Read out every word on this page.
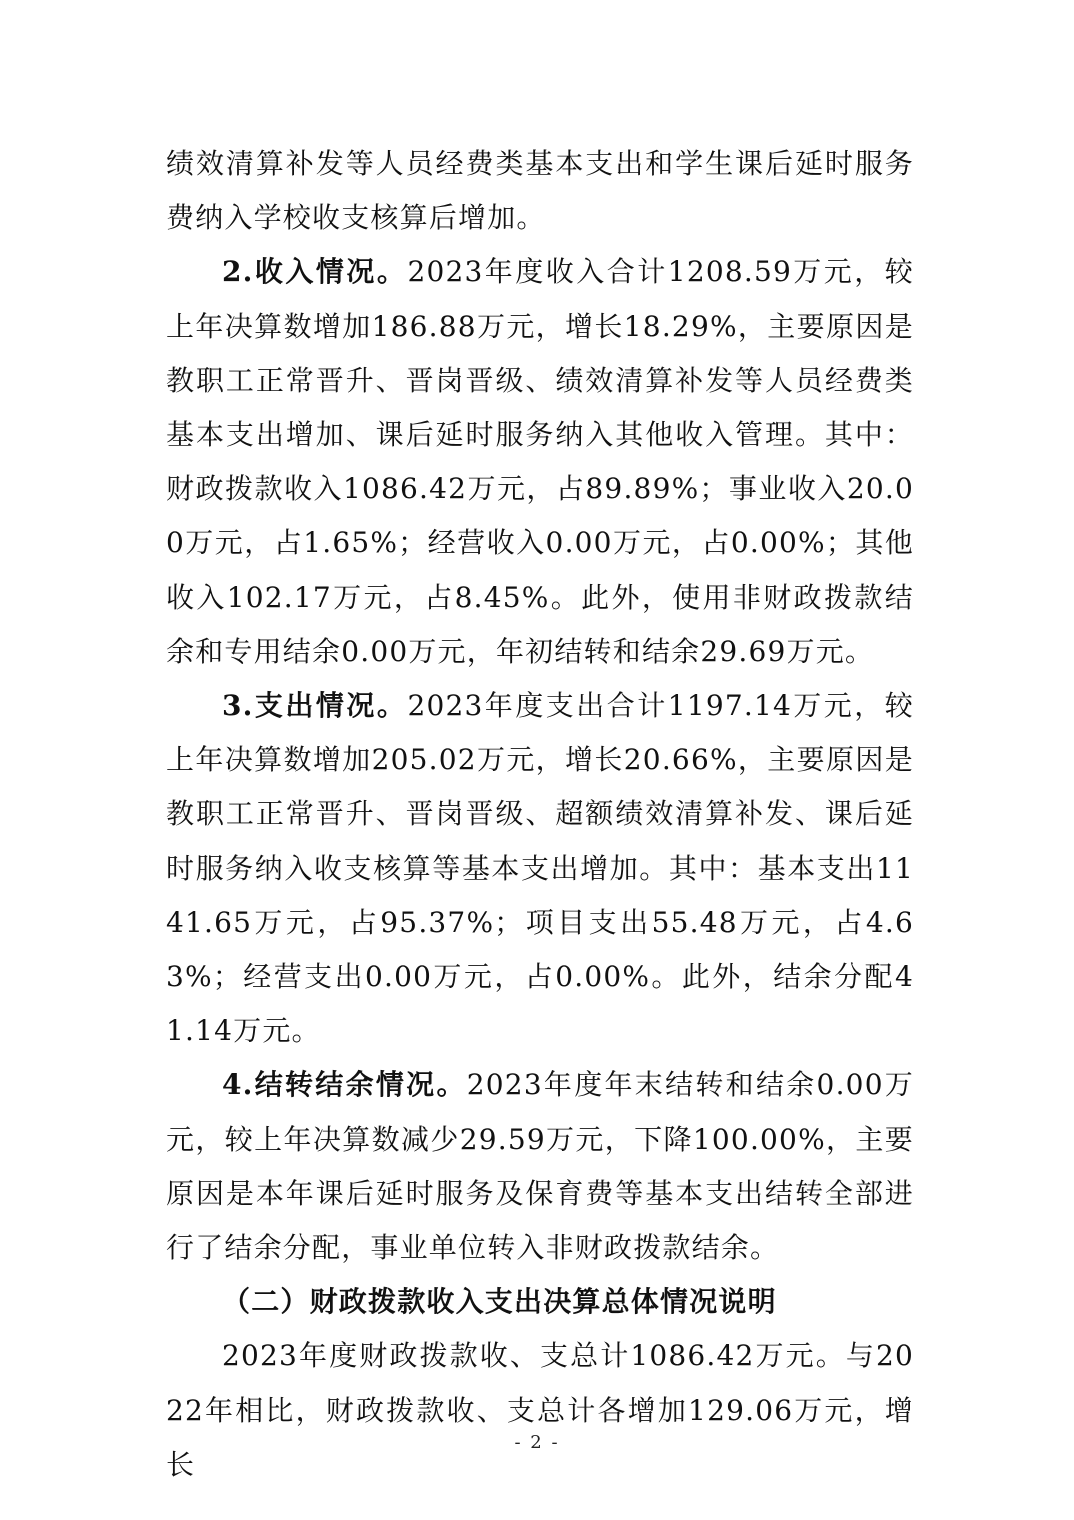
绩效清算补发等人员经费类基本支出和学生课后延时服务费纳入学校收支核算后增加。

2.收入情况。2023年度收入合计1208.59万元，较上年决算数增加186.88万元，增长18.29%，主要原因是教职工正常晋升、晋岗晋级、绩效清算补发等人员经费类基本支出增加、课后延时服务纳入其他收入管理。其中：财政拨款收入1086.42万元，占89.89%；事业收入20.00万元，占1.65%；经营收入0.00万元，占0.00%；其他收入102.17万元，占8.45%。此外，使用非财政拨款结余和专用结余0.00万元，年初结转和结余29.69万元。

3.支出情况。2023年度支出合计1197.14万元，较上年决算数增加205.02万元，增长20.66%，主要原因是教职工正常晋升、晋岗晋级、超额绩效清算补发、课后延时服务纳入收支核算等基本支出增加。其中：基本支出1141.65万元，占95.37%；项目支出55.48万元，占4.63%；经营支出0.00万元，占0.00%。此外，结余分配41.14万元。

4.结转结余情况。2023年度年末结转和结余0.00万元，较上年决算数减少29.59万元，下降100.00%，主要原因是本年课后延时服务及保育费等基本支出结转全部进行了结余分配，事业单位转入非财政拨款结余。

（二）财政拨款收入支出决算总体情况说明

2023年度财政拨款收、支总计1086.42万元。与2022年相比，财政拨款收、支总计各增加129.06万元，增长

- 2 -
